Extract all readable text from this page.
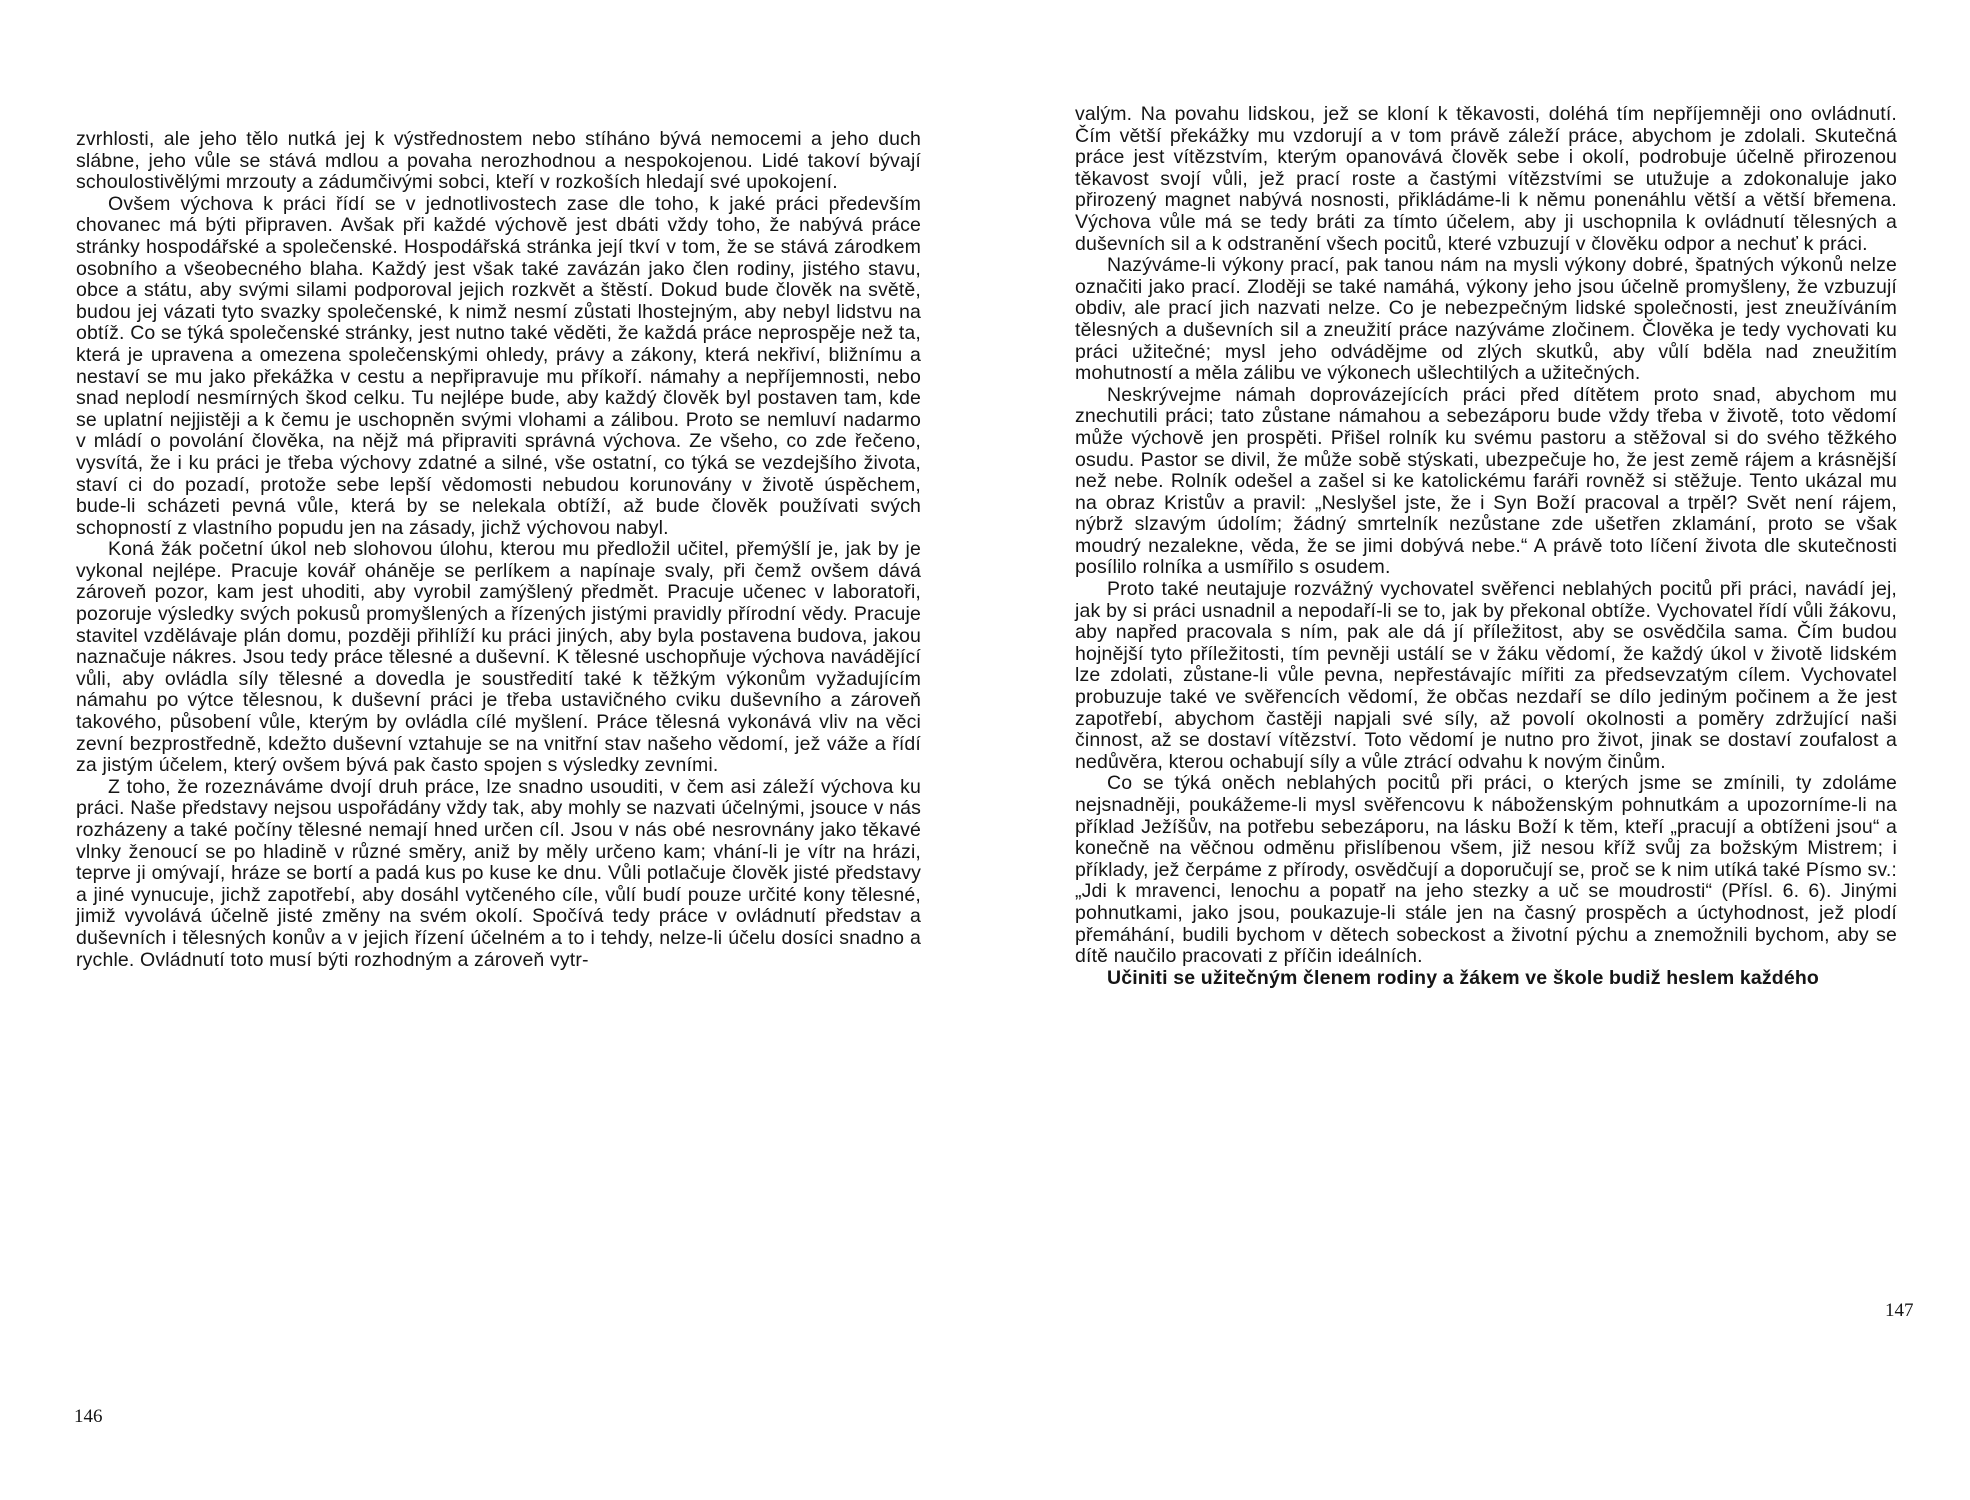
zvrhlosti, ale jeho tělo nutká jej k výstřednostem nebo stíháno bývá nemocemi a jeho duch slábne, jeho vůle se stává mdlou a povaha nerozhodnou a nespokojenou. Lidé takoví bývají schoulostivělými mrzouty a zádumčivými sobci, kteří v rozkoších hledají své upokojení.

Ovšem výchova k práci řídí se v jednotlivostech zase dle toho, k jaké práci především chovanec má býti připraven. Avšak při každé výchově jest dbáti vždy toho, že nabývá práce stránky hospodářské a společenské. Hospodářská stránka její tkví v tom, že se stává zárodkem osobního a všeobecného blaha. Každý jest však také zavázán jako člen rodiny, jistého stavu, obce a státu, aby svými silami podporoval jejich rozkvět a štěstí. Dokud bude člověk na světě, budou jej vázati tyto svazky společenské, k nimž nesmí zůstati lhostejným, aby nebyl lidstvu na obtíž. Co se týká společenské stránky, jest nutno také věděti, že každá práce neprospěje než ta, která je upravena a omezena společenskými ohledy, právy a zákony, která nekřiví, bližnímu a nestaví se mu jako překážka v cestu a nepřipravuje mu příkoří. námahy a nepříjemnosti, nebo snad neplodí nesmírných škod celku. Tu nejlépe bude, aby každý člověk byl postaven tam, kde se uplatní nejjistěji a k čemu je uschopněn svými vlohami a zálibou. Proto se nemluví nadarmo v mládí o povolání člověka, na nějž má připraviti správná výchova. Ze všeho, co zde řečeno, vysvítá, že i ku práci je třeba výchovy zdatné a silné, vše ostatní, co týká se vezdejšího života, staví ci do pozadí, protože sebe lepší vědomosti nebudou korunovány v životě úspěchem, bude-li scházeti pevná vůle, která by se nelekala obtíží, až bude člověk používati svých schopností z vlastního popudu jen na zásady, jichž výchovou nabyl.

Koná žák početní úkol neb slohovou úlohu, kterou mu předložil učitel, přemýšlí je, jak by je vykonal nejlépe. Pracuje kovář oháněje se perlíkem a napínaje svaly, při čemž ovšem dává zároveň pozor, kam jest uhoditi, aby vyrobil zamýšlený předmět. Pracuje učenec v laboratoři, pozoruje výsledky svých pokusů promyšlených a řízených jistými pravidly přírodní vědy. Pracuje stavitel vzdělávaje plán domu, později přihlíží ku práci jiných, aby byla postavena budova, jakou naznačuje nákres. Jsou tedy práce tělesné a duševní. K tělesné uschopňuje výchova navádějící vůli, aby ovládla síly tělesné a dovedla je soustředití také k těžkým výkonům vyžadujícím námahu po výtce tělesnou, k duševní práci je třeba ustavičného cviku duševního a zároveň takového, působení vůle, kterým by ovládla cílé myšlení. Práce tělesná vykonává vliv na věci zevní bezprostředně, kdežto duševní vztahuje se na vnitřní stav našeho vědomí, jež váže a řídí za jistým účelem, který ovšem bývá pak často spojen s výsledky zevními.

Z toho, že rozeznáváme dvojí druh práce, lze snadno usouditi, v čem asi záleží výchova ku práci. Naše představy nejsou uspořádány vždy tak, aby mohly se nazvati účelnými, jsouce v nás rozházeny a také počíny tělesné nemají hned určen cíl. Jsou v nás obé nesrovnány jako těkavé vlnky ženoucí se po hladině v různé směry, aniž by měly určeno kam; vhání-li je vítr na hrázi, teprve ji omývají, hráze se bortí a padá kus po kuse ke dnu. Vůli potlačuje člověk jisté představy a jiné vynucuje, jichž zapotřebí, aby dosáhl vytčeného cíle, vůlí budí pouze určité kony tělesné, jimiž vyvolává účelně jisté změny na svém okolí. Spočívá tedy práce v ovládnutí představ a duševních i tělesných konův a v jejich řízení účelném a to i tehdy, nelze-li účelu dosíci snadno a rychle. Ovládnutí toto musí býti rozhodným a zároveň vytr-

146

valým. Na povahu lidskou, jež se kloní k těkavosti, doléhá tím nepříjemněji ono ovládnutí. Čím větší překážky mu vzdorují a v tom právě záleží práce, abychom je zdolali. Skutečná práce jest vítězstvím, kterým opanovává člověk sebe i okolí, podrobuje účelně přirozenou těkavost svojí vůli, jež prací roste a častými vítězstvími se utužuje a zdokonaluje jako přirozený magnet nabývá nosnosti, přikládáme-li k němu ponenáhlu větší a větší břemena. Výchova vůle má se tedy bráti za tímto účelem, aby ji uschopnila k ovládnutí tělesných a duševních sil a k odstranění všech pocitů, které vzbuzují v člověku odpor a nechuť k práci.

Nazýváme-li výkony prací, pak tanou nám na mysli výkony dobré, špatných výkonů nelze označiti jako prací. Zloději se také namáhá, výkony jeho jsou účelně promyšleny, že vzbuzují obdiv, ale prací jich nazvati nelze. Co je nebezpečným lidské společnosti, jest zneužíváním tělesných a duševních sil a zneužití práce nazýváme zločinem. Člověka je tedy vychovati ku práci užitečné; mysl jeho odvádějme od zlých skutků, aby vůlí bděla nad zneužitím mohutností a měla zálibu ve výkonech ušlechtilých a užitečných.

Neskrývejme námah doprovázejících práci před dítětem proto snad, abychom mu znechutili práci; tato zůstane námahou a sebezáporu bude vždy třeba v životě, toto vědomí může výchově jen prospěti. Přišel rolník ku svému pastoru a stěžoval si do svého těžkého osudu. Pastor se divil, že může sobě stýskati, ubezpečuje ho, že jest země rájem a krásnější než nebe. Rolník odešel a zašel si ke katolickému faráři rovněž si stěžuje. Tento ukázal mu na obraz Kristův a pravil: „Neslyšel jste, že i Syn Boží pracoval a trpěl? Svět není rájem, nýbrž slzavým údolím; žádný smrtelník nezůstane zde ušetřen zklamání, proto se však moudrý nezalekne, věda, že se jimi dobývá nebe.“ A právě toto líčení života dle skutečnosti posílilo rolníka a usmířilo s osudem.

Proto také neutajuje rozvážný vychovatel svěřenci neblahých pocitů při práci, navádí jej, jak by si práci usnadnil a nepodaří-li se to, jak by překonal obtíže. Vychovatel řídí vůli žákovu, aby napřed pracovala s ním, pak ale dá jí příležitost, aby se osvědčila sama. Čím budou hojnější tyto příležitosti, tím pevněji ustálí se v žáku vědomí, že každý úkol v životě lidském lze zdolati, zůstane-li vůle pevna, nepřestávajíc mířiti za předsevzatým cílem. Vychovatel probuzuje také ve svěřencích vědomí, že občas nezdaří se dílo jediným počinem a že jest zapotřebí, abychom častěji napjali své síly, až povolí okolnosti a poměry zdržující naši činnost, až se dostaví vítězství. Toto vědomí je nutno pro život, jinak se dostaví zoufalost a nedůvěra, kterou ochabují síly a vůle ztrácí odvahu k novým činům.

Co se týká oněch neblahých pocitů při práci, o kterých jsme se zmínili, ty zdoláme nejsnadněji, poukážeme-li mysl svěřencovu k náboženským pohnutkám a upozorníme-li na příklad Ježíšův, na potřebu sebezáporu, na lásku Boží k těm, kteří „pracují a obtíženi jsou“ a konečně na věčnou odměnu přislíbenou všem, již nesou kříž svůj za božským Mistrem; i příklady, jež čerpáme z přírody, osvědčují a doporučují se, proč se k nim utíká také Písmo sv.: „Jdi k mravenci, lenochu a popatř na jeho stezky a uč se moudrosti“ (Přísl. 6. 6). Jinými pohnutkami, jako jsou, poukazuje-li stále jen na časný prospěch a úctyhodnost, jež plodí přemáhání, budili bychom v dětech sobeckost a životní pýchu a znemožnili bychom, aby se dítě naučilo pracovati z příčin ideálních.

Učiniti se užitečným členem rodiny a žákem ve škole budiž heslem každého

147
